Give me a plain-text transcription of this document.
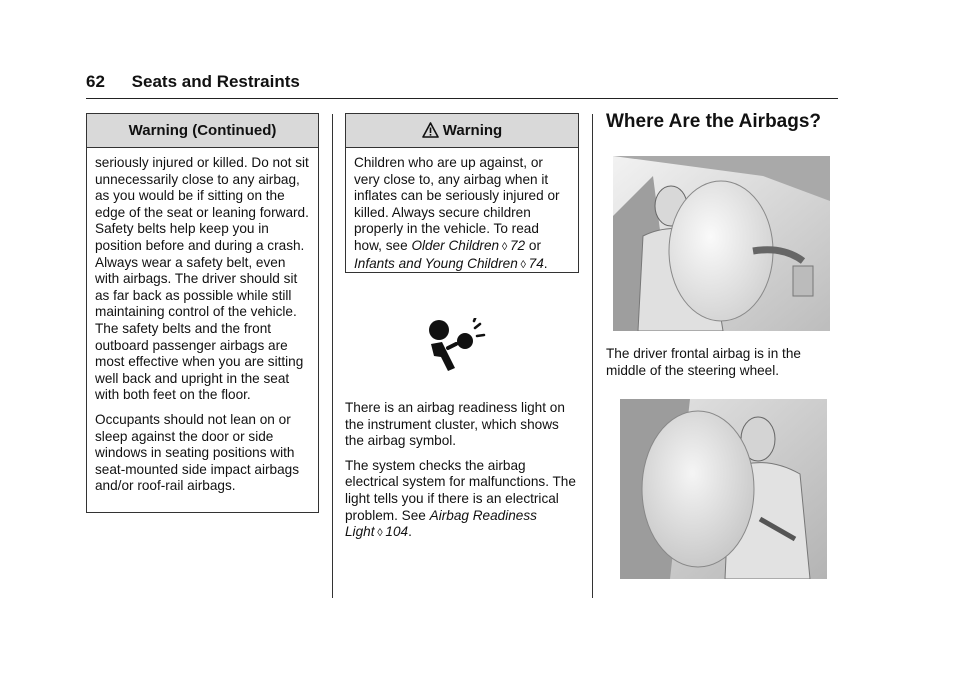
62 Seats and Restraints
Warning (Continued)

seriously injured or killed. Do not sit unnecessarily close to any airbag, as you would be if sitting on the edge of the seat or leaning forward. Safety belts help keep you in position before and during a crash. Always wear a safety belt, even with airbags. The driver should sit as far back as possible while still maintaining control of the vehicle. The safety belts and the front outboard passenger airbags are most effective when you are sitting well back and upright in the seat with both feet on the floor.

Occupants should not lean on or sleep against the door or side windows in seating positions with seat-mounted side impact airbags and/or roof-rail airbags.

Warning
Children who are up against, or very close to, any airbag when it inflates can be seriously injured or killed. Always secure children properly in the vehicle. To read how, see Older Children  ◊  72 or Infants and Young Children  ◊  74.

There is an airbag readiness light on the instrument cluster, which shows the airbag symbol.

The system checks the airbag electrical system for malfunctions. The light tells you if there is an electrical problem. See Airbag Readiness Light  ◊  104.

Where Are the Airbags?
The driver frontal airbag is in the middle of the steering wheel.
